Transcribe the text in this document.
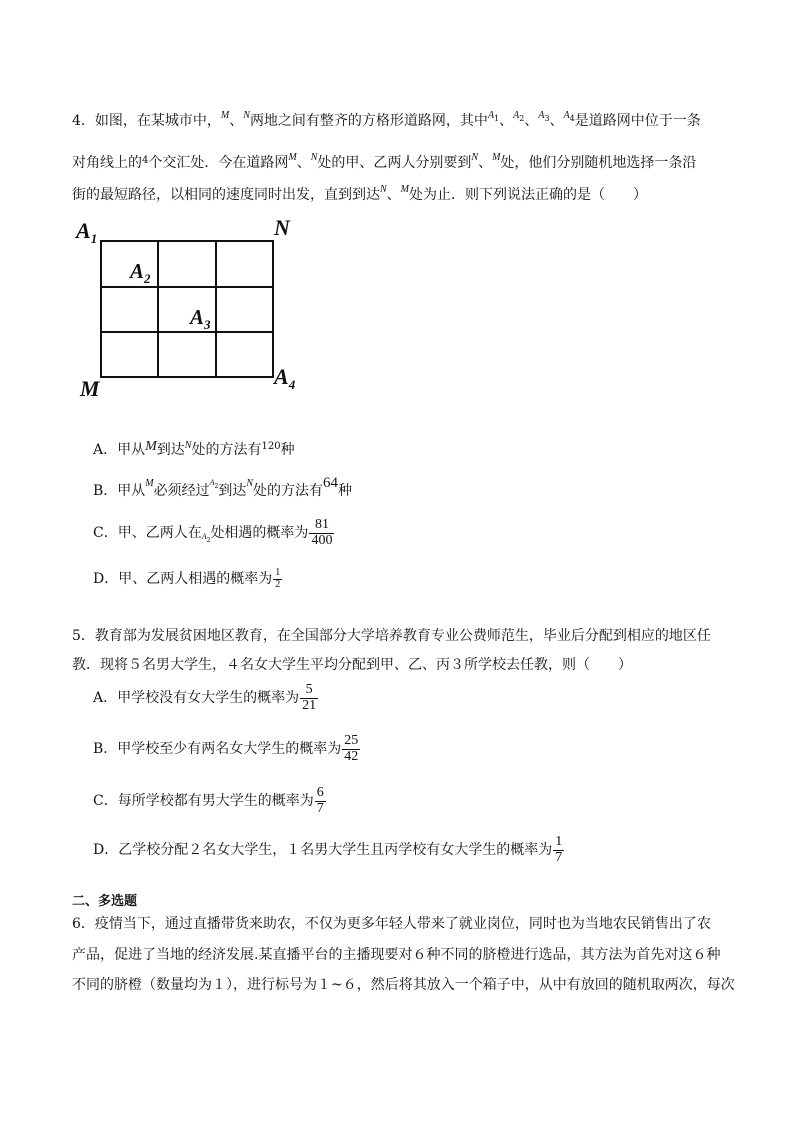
4．如图，在某城市中，$^M$、$^N$两地之间有整齐的方格形道路网，其中$^{A1}$、$^{A2}$、$^{A3}$、$^{A4}$是道路网中位于一条
对角线上的$^4$个交汇处．今在道路网$^M$、$^N$处的甲、乙两人分别要到$^N$、$^M$处，他们分别随机地选择一条沿
街的最短路径，以相同的速度同时出发，直到到达$^N$、$^M$处为止．则下列说法正确的是（　　）
$A_1$	N
$A_2$
$A_3$
$A_4$
M
A．甲从M到达$^N$处的方法有$^{120}$种
B．甲从$^M$必须经过$^{A2}$到达$^N$处的方法有64种
C．甲、乙两人在$A_2$处相遇的概率为 $\frac{81}{400}$
D．甲、乙两人相遇的概率为 $\frac{1}{2}$
5．教育部为发展贫困地区教育，在全国部分大学培养教育专业公费师范生，毕业后分配到相应的地区任
教．现将５名男大学生，４名女大学生平均分配到甲、乙、丙３所学校去任教，则（　　）
A．甲学校没有女大学生的概率为 $\frac{5}{21}$
B．甲学校至少有两名女大学生的概率为 $\frac{25}{42}$
C．每所学校都有男大学生的概率为 $\frac{6}{7}$
D．乙学校分配２名女大学生，１名男大学生且丙学校有女大学生的概率为 $\frac{1}{7}$
二、多选题
6．疫情当下，通过直播带货来助农，不仅为更多年轻人带来了就业岗位，同时也为当地农民销售出了农
产品，促进了当地的经济发展.某直播平台的主播现要对６种不同的脐橙进行选品，其方法为首先对这６种
不同的脐橙（数量均为１），进行标号为１~６，然后将其放入一个箱子中，从中有放回的随机取两次，每次
